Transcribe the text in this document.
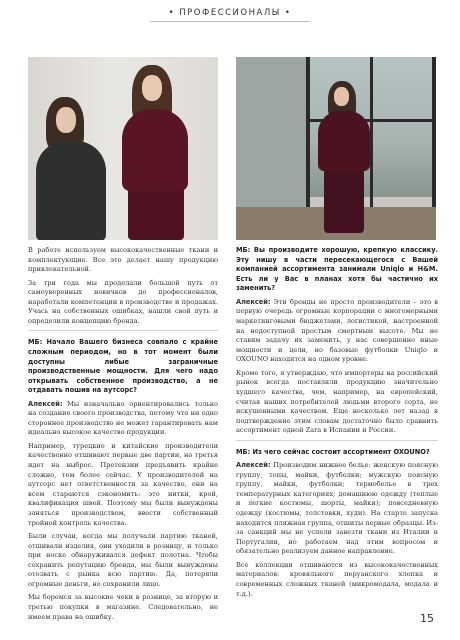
• ПРОФЕССИОНАЛЫ •

В работе используем высококачественные ткани и комплектующие. Все это делает нашу продукцию привлекательной.

За три года мы проделали большой путь от самоуверенных новичков до профессионалов, наработали компетенции в производстве и продажах. Учась на собственных ошибках, нашли свой путь и определили концепцию бренда.

МБ: Начало Вашего бизнеса совпало с крайне сложным периодом, но в тот момент были доступны либые заграничные производственные мощности. Для чего надо открывать собственное производство, а не отдавать пошив на аутсорс?

Алексей: Мы изначально ориентировались только на создание своего производства, потому что ни одно стороннее производство не может гарантировать нам идеально высокое качество продукции.

Например, турецкие и китайские производители качественно отшивают первые две партии, но третья идет на выброс. Претензии предъявить крайне сложно, тем более сейчас. У производителей на аутсорс нет ответственности за качество, они на всем стараются сэкономить: это нитки, крой, квалификация швей. Поэтому мы были вынуждены заняться производством, ввести собственный тройной контроль качества.

Были случаи, когда мы получали партию тканей, отшивали изделия, они уходили в розницу, и только при носке обнаруживался дефект полотна. Чтобы сохранить репутацию бренда, мы были вынуждены отозвать с рынка всю партию. Да, потеряли огромные деньги, но сохранили лицо.

Мы боремся за высокие чеки в рознице, за вторую и третью покупки в магазине. Следовательно, не имеем права на ошибку.

МБ: Вы производите хорошую, крепкую классику. Эту нишу в части пересекающегося с Вашей компанией ассортимента занимали Uniqlo и H&M. Есть ли у Вас в планах хотя бы частично их заменить?

Алексей: Эти бренды не просто производители – это в первую очередь огромные корпорации с многомерными маркетинговыми бюджетами, логистикой, настроенной на недоступной простым смертным высоте. Мы не ставим задачу их заменить, у нас совершенно иные мощности и цели, но базовые футболки Uniqlo и OXOUNO находятся на одном уровне.

Кроме того, я утверждаю, что импортеры на российский рынок всегда поставляли продукцию значительно худшего качества, чем, например, на европейский, считая наших потребителей людьми второго сорта, не искушенными качеством. Еще несколько лет назад я подтверждение этим словам достаточно было сравнить ассортимент одной Zara в Испании и России.

МБ: Из чего сейчас состоит ассортимент OXOUNO?

Алексей: Производим нижнее белье: женскую поясную группу, топы, майки, футболки; мужскую поясную группу, майки, футболки; термобелье в трех температурных категориях; домашнюю одежду (теплые и легкие костюмы, шорты, майки); повседневную одежду (костюмы, толстовки, худи). На старте запуска находится пляжная группа, отшиты первые образцы. Из-за санкций мы не успели завезти ткани из Италии и Португалии, но работаем над этим вопросом и обязательно реализуем данное направление.

Все коллекции отшиваются из высококачественных материалов: кровяльного перуанского хлопка и современных сложных тканей (микромодала, модала и т.д.).

15
